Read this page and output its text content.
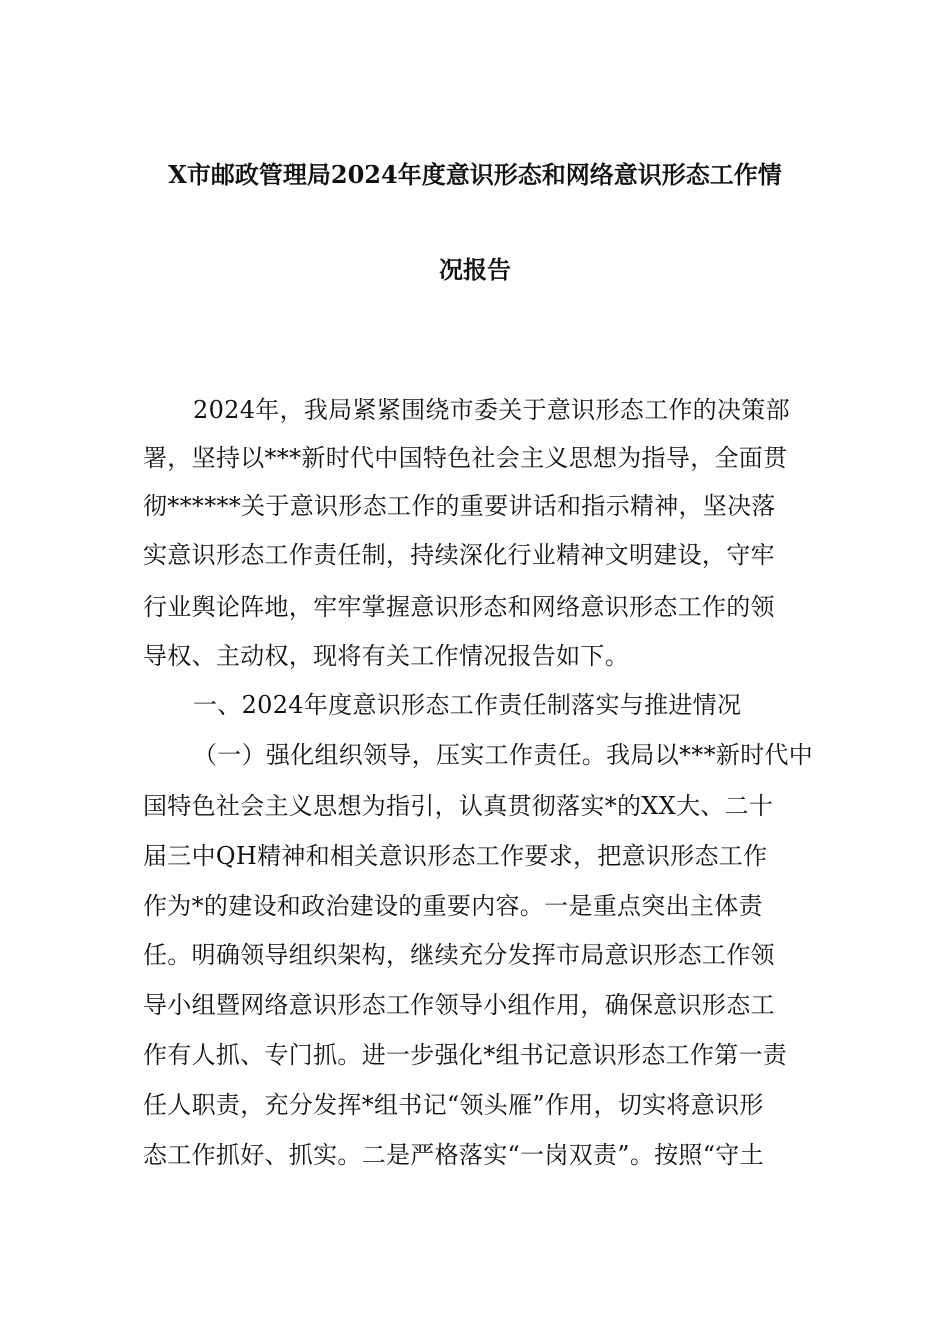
X市邮政管理局2024年度意识形态和网络意识形态工作情
况报告
2024年，我局紧紧围绕市委关于意识形态工作的决策部
署，坚持以***新时代中国特色社会主义思想为指导，全面贯
彻******关于意识形态工作的重要讲话和指示精神，坚决落
实意识形态工作责任制，持续深化行业精神文明建设，守牢
行业舆论阵地，牢牢掌握意识形态和网络意识形态工作的领
导权、主动权，现将有关工作情况报告如下。
一、2024年度意识形态工作责任制落实与推进情况
（一）强化组织领导，压实工作责任。我局以***新时代中
国特色社会主义思想为指引，认真贯彻落实*的XX大、二十
届三中QH精神和相关意识形态工作要求，把意识形态工作
作为*的建设和政治建设的重要内容。一是重点突出主体责
任。明确领导组织架构，继续充分发挥市局意识形态工作领
导小组暨网络意识形态工作领导小组作用，确保意识形态工
作有人抓、专门抓。进一步强化*组书记意识形态工作第一责
任人职责，充分发挥*组书记“领头雁”作用，切实将意识形
态工作抓好、抓实。二是严格落实“一岗双责”。按照“守土
